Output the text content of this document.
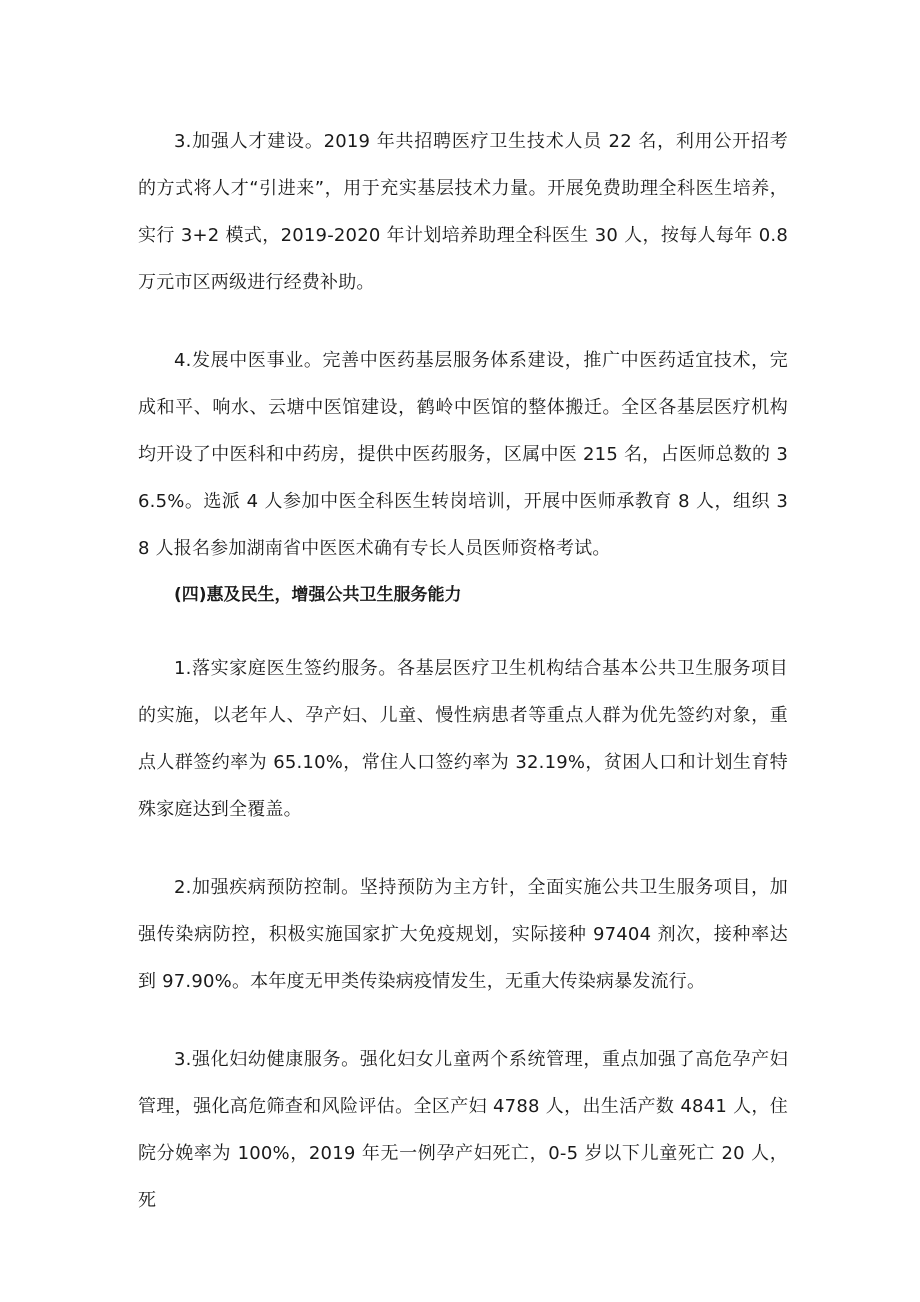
3.加强人才建设。2019 年共招聘医疗卫生技术人员 22 名，利用公开招考的方式将人才“引进来”，用于充实基层技术力量。开展免费助理全科医生培养，实行 3+2 模式，2019-2020 年计划培养助理全科医生 30 人，按每人每年 0.8 万元市区两级进行经费补助。

4.发展中医事业。完善中医药基层服务体系建设，推广中医药适宜技术，完成和平、响水、云塘中医馆建设，鹤岭中医馆的整体搬迁。全区各基层医疗机构均开设了中医科和中药房，提供中医药服务，区属中医 215 名，占医师总数的 36.5%。选派 4 人参加中医全科医生转岗培训，开展中医师承教育 8 人，组织 38 人报名参加湖南省中医医术确有专长人员医师资格考试。

(四)惠及民生，增强公共卫生服务能力

1.落实家庭医生签约服务。各基层医疗卫生机构结合基本公共卫生服务项目的实施，以老年人、孕产妇、儿童、慢性病患者等重点人群为优先签约对象，重点人群签约率为 65.10%，常住人口签约率为 32.19%，贫困人口和计划生育特殊家庭达到全覆盖。

2.加强疾病预防控制。坚持预防为主方针，全面实施公共卫生服务项目，加强传染病防控，积极实施国家扩大免疫规划，实际接种 97404 剂次，接种率达到 97.90%。本年度无甲类传染病疫情发生，无重大传染病暴发流行。

3.强化妇幼健康服务。强化妇女儿童两个系统管理，重点加强了高危孕产妇管理，强化高危筛查和风险评估。全区产妇 4788 人，出生活产数 4841 人，住院分娩率为 100%，2019 年无一例孕产妇死亡，0-5 岁以下儿童死亡 20 人，死
